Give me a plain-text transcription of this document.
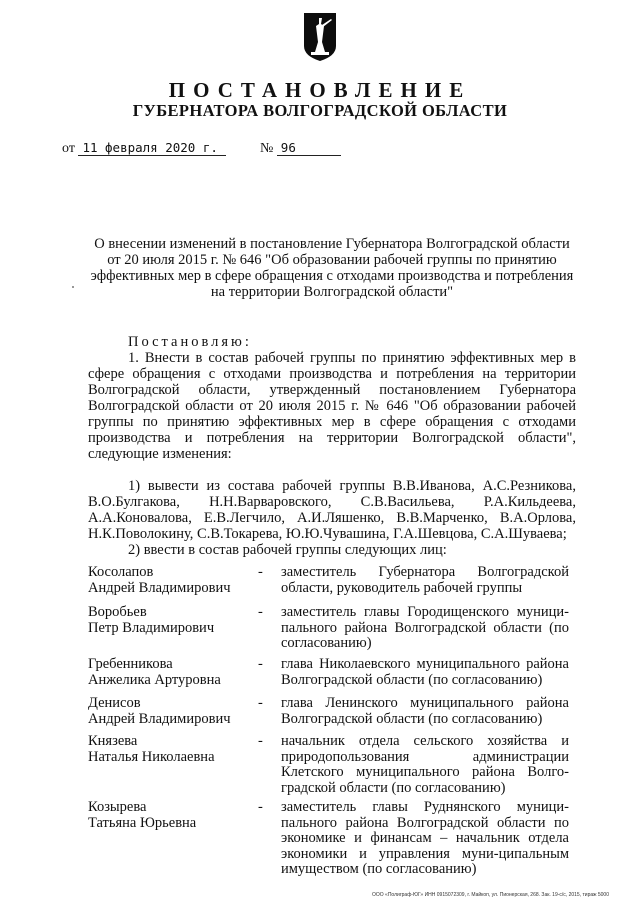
ПОСТАНОВЛЕНИЕ
ГУБЕРНАТОРА ВОЛГОГРАДСКОЙ ОБЛАСТИ
от 11 февраля 2020 г.	№ 96
О внесении изменений в постановление Губернатора Волгоградской области от 20 июля 2015 г. № 646 "Об образовании рабочей группы по принятию эффективных мер в сфере обращения с отходами производства и потребления на территории Волгоградской области"
Постановляю:
1. Внести в состав рабочей группы по принятию эффективных мер в сфере обращения с отходами производства и потребления на территории Волгоградской области, утвержденный постановлением Губернатора Волгоградской области от 20 июля 2015 г. № 646 "Об образовании рабочей группы по принятию эффективных мер в сфере обращения с отходами производства и потребления на территории Волгоградской области", следующие изменения:
1) вывести из состава рабочей группы В.В.Иванова, А.С.Резникова, В.О.Булгакова, Н.Н.Варваровского, С.В.Васильева, Р.А.Кильдеева, А.А.Коновалова, Е.В.Легчило, А.И.Ляшенко, В.В.Марченко, В.А.Орлова, Н.К.Поволокину, С.В.Токарева, Ю.Ю.Чувашина, Г.А.Шевцова, С.А.Шуваева;
2) ввести в состав рабочей группы следующих лиц:
Косолапов
Андрей Владимирович
- заместитель Губернатора Волгоградской области, руководитель рабочей группы
Воробьев
Петр Владимирович
- заместитель главы Городищенского муници-пального района Волгоградской области (по согласованию)
Гребенникова
Анжелика Артуровна
- глава Николаевского муниципального района Волгоградской области (по согласованию)
Денисов
Андрей Владимирович
- глава Ленинского муниципального района Волгоградской области (по согласованию)
Князева
Наталья Николаевна
- начальник отдела сельского хозяйства и природопользования администрации Клетского муниципального района Волго-градской области (по согласованию)
Козырева
Татьяна Юрьевна
- заместитель главы Руднянского муници-пального района Волгоградской области по экономике и финансам – начальник отдела экономики и управления муни-ципальным имуществом (по согласованию)
ООО «Полиграф-ЮГ» ИНН 0915072309, г. Майкоп, ул. Пионерская, 268. Зак. 19-с/с, 2015, тираж 5000
